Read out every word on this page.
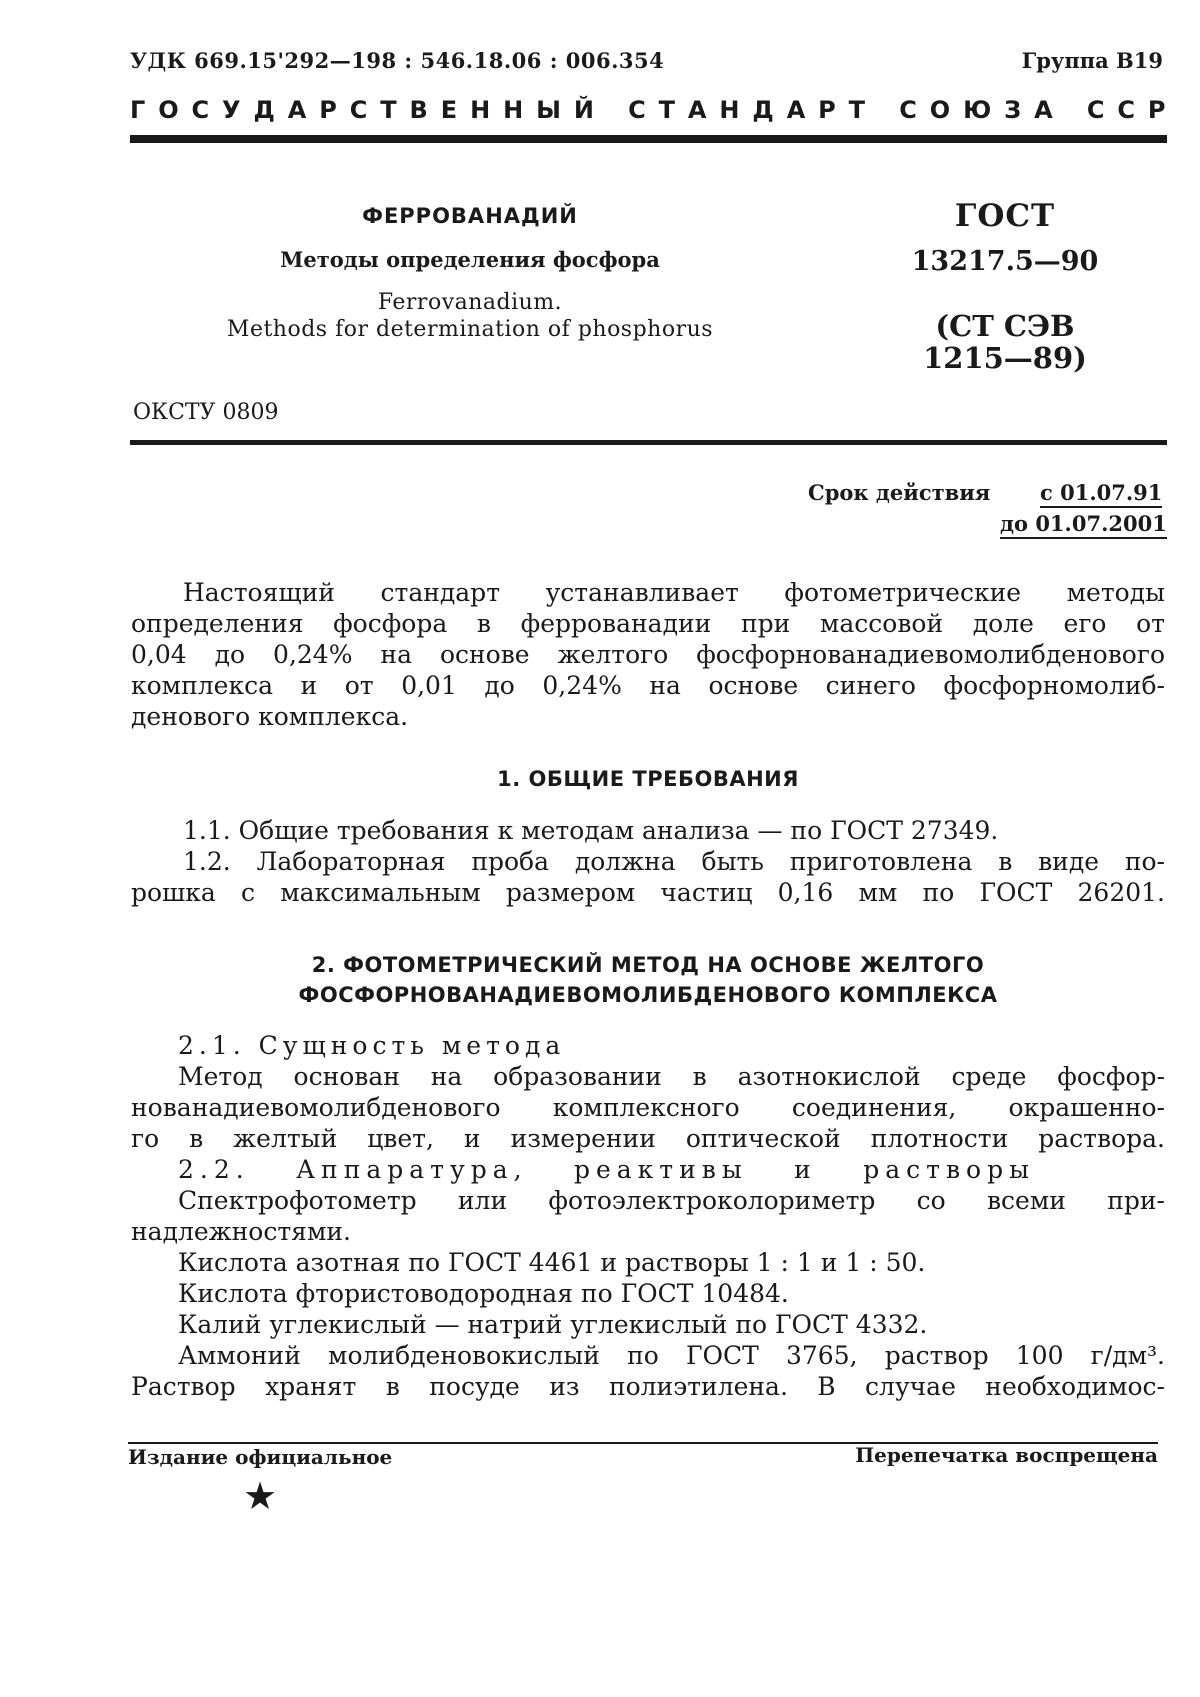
УДК 669.15'292—198 : 546.18.06 : 006.354	Группа В19
Г О С У Д А Р С Т В Е Н Н Ы Й
С Т А Н Д А Р Т
С О Ю З А
С С Р
ФЕРРОВАНАДИЙ
Методы определения фосфора
Ferrovanadium.
Methods for determination of phosphorus
ГОСТ
13217.5—90
(СТ СЭВ
1215—89)
ОКСТУ 0809
Срок действия с 01.07.91
до 01.07.2001
Настоящий стандарт устанавливает фотометрические методы
определения фосфора в феррованадии при массовой доле его от
0,04 до 0,24% на основе желтого фосфорнованадиевомолибденового
комплекса и от 0,01 до 0,24% на основе синего фосфорномолиб-
денового комплекса.
1. ОБЩИЕ ТРЕБОВАНИЯ
1.1. Общие требования к методам анализа — по ГОСТ 27349.
1.2. Лабораторная проба должна быть приготовлена в виде по-
рошка с максимальным размером частиц 0,16 мм по ГОСТ 26201.
2. ФОТОМЕТРИЧЕСКИЙ МЕТОД НА ОСНОВЕ ЖЕЛТОГО
ФОСФОРНОВАНАДИЕВОМОЛИБДЕНОВОГО КОМПЛЕКСА
2.1. Сущность метода
Метод основан на образовании в азотнокислой среде фосфор-
нованадиевомолибденового комплексного соединения, окрашенно-
го в желтый цвет, и измерении оптической плотности раствора.
2.2. Аппаратура, реактивы и растворы
Спектрофотометр или фотоэлектроколориметр со всеми при-
надлежностями.
Кислота азотная по ГОСТ 4461 и растворы 1 : 1 и 1 : 50.
Кислота фтористоводородная по ГОСТ 10484.
Калий углекислый — натрий углекислый по ГОСТ 4332.
Аммоний молибденовокислый по ГОСТ 3765, раствор 100 г/дм³.
Раствор хранят в посуде из полиэтилена. В случае необходимос-
Издание официальное	Перепечатка воспрещена
★
